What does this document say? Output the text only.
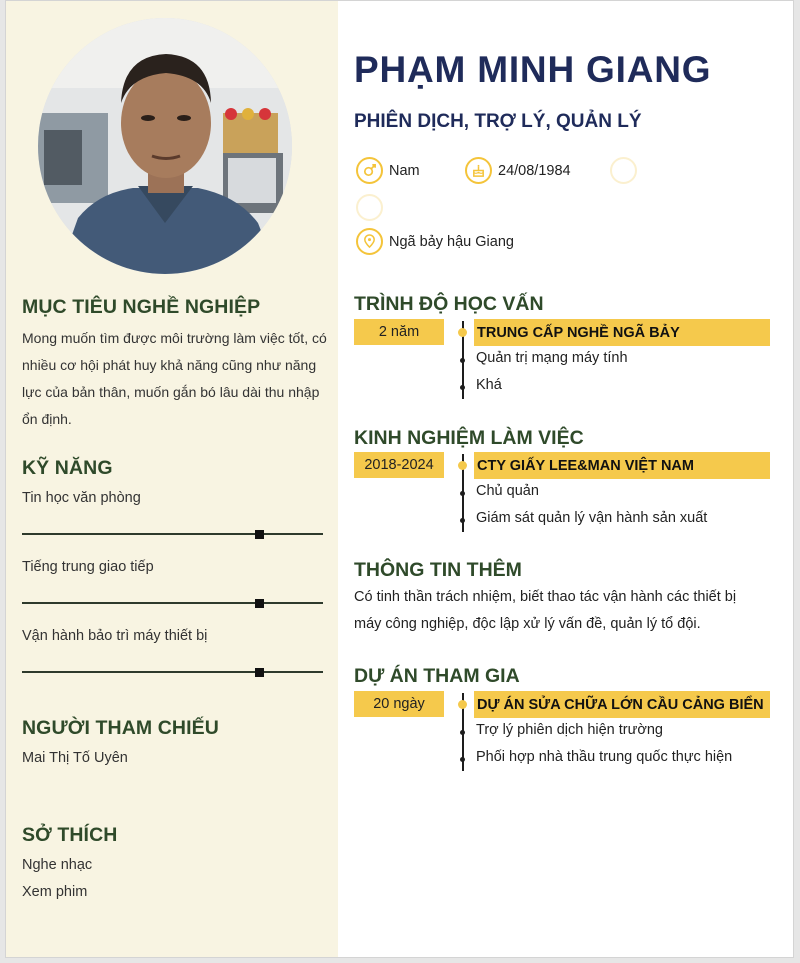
MỤC TIÊU NGHỀ NGHIỆP
Mong muốn tìm được môi trường làm việc tốt, có
nhiều cơ hội phát huy khả năng cũng như năng
lực của bản thân, muốn gắn bó lâu dài thu nhập
ổn định.
KỸ NĂNG
Tin học văn phòng
Tiếng trung giao tiếp
Vận hành bảo trì máy thiết bị
NGƯỜI THAM CHIẾU
Mai Thị Tố Uyên
SỞ THÍCH
Nghe nhạc
Xem phim
PHẠM MINH GIANG
PHIÊN DỊCH, TRỢ LÝ, QUẢN LÝ
Nam	24/08/1984
Ngã bảy hậu Giang
TRÌNH ĐỘ HỌC VẤN
2 năm	TRUNG CẤP NGHỀ NGÃ BẢY
Quản trị mạng máy tính
Khá
KINH NGHIỆM LÀM VIỆC
2018-2024	CTY GIẤY LEE&MAN VIỆT NAM
Chủ quản
Giám sát quản lý vận hành sản xuất
THÔNG TIN THÊM
Có tinh thần trách nhiệm, biết thao tác vận hành các thiết bị
máy công nghiệp, độc lập xử lý vấn đề, quản lý tổ đội.
DỰ ÁN THAM GIA
20 ngày	DỰ ÁN SỬA CHỮA LỚN CẦU CẢNG BIỂN
Trợ lý phiên dịch hiện trường
Phối hợp nhà thầu trung quốc thực hiện
